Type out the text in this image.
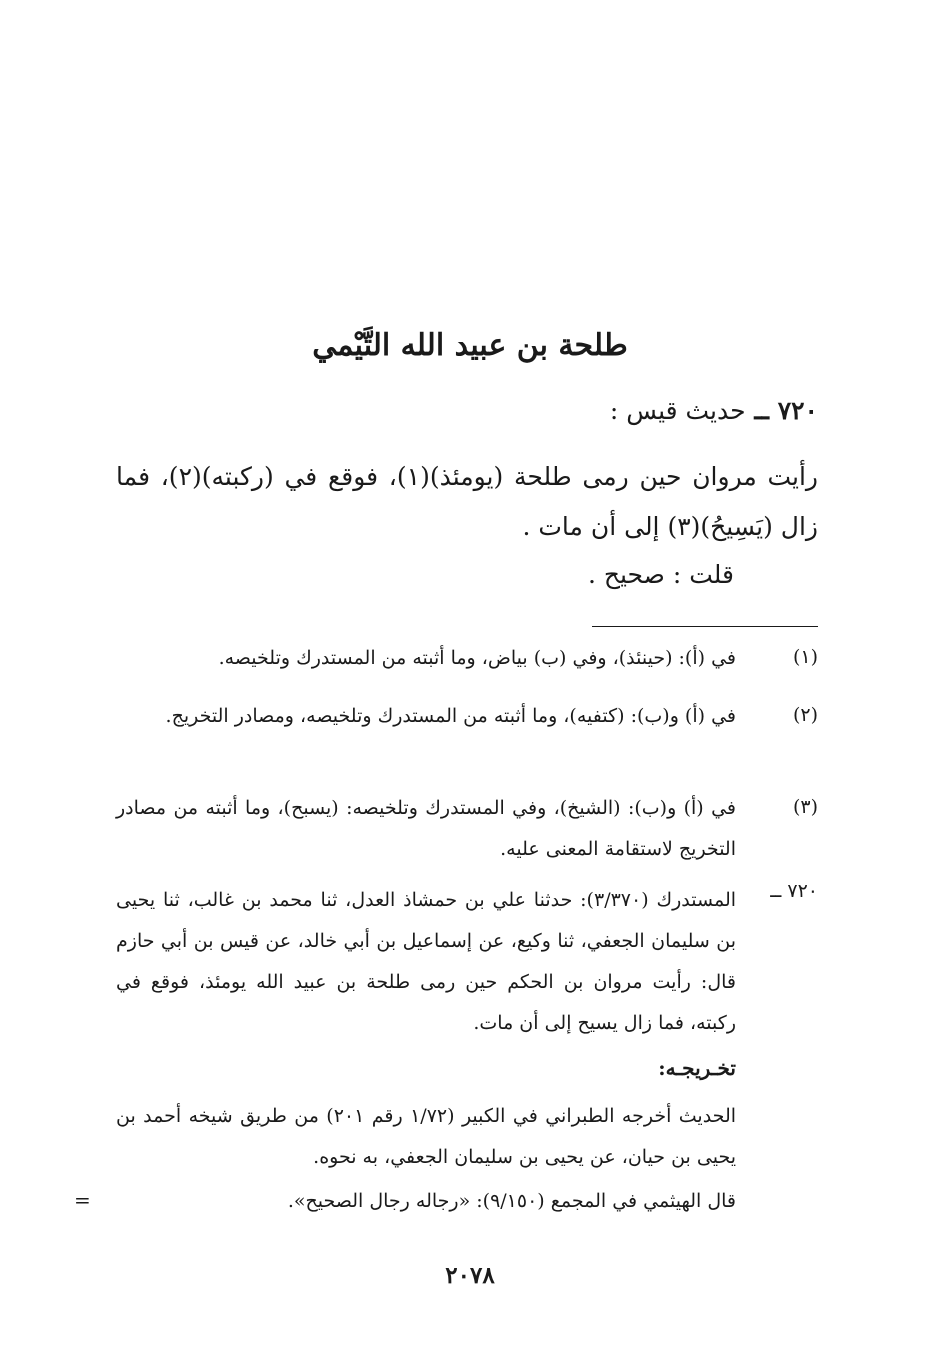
طلحة بن عبيد الله التَّيْمي
٧٢٠ ــ حديث قيس :
رأيت مروان حين رمى طلحة (يومئذ)(١)، فوقع في (ركبته)(٢)، فما زال (يَسِيحُ)(٣) إلى أن مات .
قلت : صحيح .
(١)
في (أ): (حينئذ)، وفي (ب) بياض، وما أثبته من المستدرك وتلخيصه.
(٢)
في (أ) و(ب): (كتفيه)، وما أثبته من المستدرك وتلخيصه، ومصادر التخريج.
(٣)
في (أ) و(ب): (الشيخ)، وفي المستدرك وتلخيصه: (يسبح)، وما أثبته من مصادر التخريج لاستقامة المعنى عليه.
٧٢٠ ــ
المستدرك (٣/٣٧٠): حدثنا علي بن حمشاذ العدل، ثنا محمد بن غالب، ثنا يحيى بن سليمان الجعفي، ثنا وكيع، عن إسماعيل بن أبي خالد، عن قيس بن أبي حازم قال: رأيت مروان بن الحكم حين رمى طلحة بن عبيد الله يومئذ، فوقع في ركبته، فما زال يسيح إلى أن مات.
تخـريجـه:
الحديث أخرجه الطبراني في الكبير (١/٧٢ رقم ٢٠١) من طريق شيخه أحمد بن يحيى بن حيان، عن يحيى بن سليمان الجعفي، به نحوه.
قال الهيثمي في المجمع (٩/١٥٠): «رجاله رجال الصحيح».
=
٢٠٧٨
